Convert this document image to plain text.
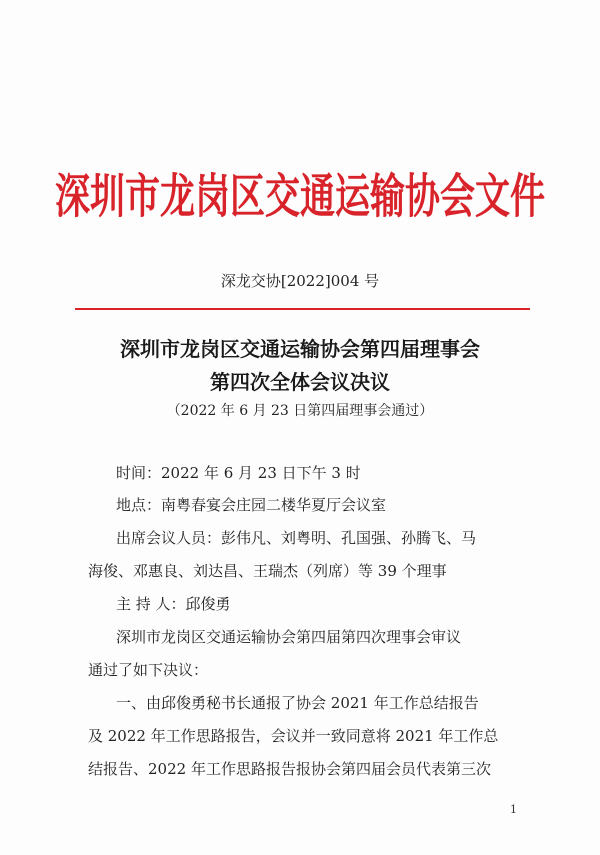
深圳市龙岗区交通运输协会文件
深龙交协[2022]004 号
深圳市龙岗区交通运输协会第四届理事会
第四次全体会议决议
（2022 年 6 月 23 日第四届理事会通过）
时间：2022 年 6 月 23 日下午 3 时
地点：南粤春宴会庄园二楼华夏厅会议室
出席会议人员：彭伟凡、刘粤明、孔国强、孙腾飞、马
海俊、邓惠良、刘达昌、王瑞杰（列席）等 39 个理事
主 持 人：邱俊勇
深圳市龙岗区交通运输协会第四届第四次理事会审议
通过了如下决议：
一、由邱俊勇秘书长通报了协会 2021 年工作总结报告
及 2022 年工作思路报告，会议并一致同意将 2021 年工作总
结报告、2022 年工作思路报告报协会第四届会员代表第三次
1
